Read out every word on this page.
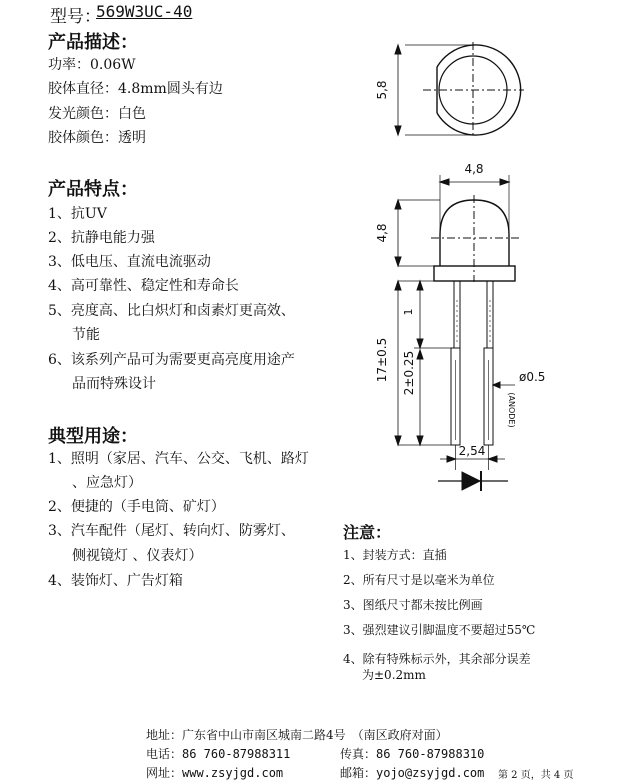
型号：
569W3UC-40
产品描述：
功率：0.06W
胶体直径：4.8mm圆头有边
发光颜色：白色
胶体颜色：透明
产品特点：
1、抗UV
2、抗静电能力强
3、低电压、直流电流驱动
4、高可靠性、稳定性和寿命长
5、亮度高、比白炽灯和卤素灯更高效、
节能
6、该系列产品可为需要更高亮度用途产
品而特殊设计
典型用途：
1、照明（家居、汽车、公交、飞机、路灯
、应急灯）
2、便捷的（手电筒、矿灯）
3、汽车配件（尾灯、转向灯、防雾灯、
侧视镜灯 、仪表灯）
4、装饰灯、广告灯箱
注意：
1、封装方式：直插
2、所有尺寸是以毫米为单位
3、图纸尺寸都未按比例画
3、强烈建议引脚温度不要超过55℃
4、除有特殊标示外，其余部分误差
为±0.2mm
5,8
4,8
4,8
17±0.5
1
2±0.25	ø0.5
(ANODE)
2,54
地址：广东省中山市南区城南二路4号　（南区政府对面）
电话：86 760-87988311	传真：86 760-87988310
网址：www.zsyjgd.com	邮箱：yojo@zsyjgd.com 第 2 页，共 4 页
